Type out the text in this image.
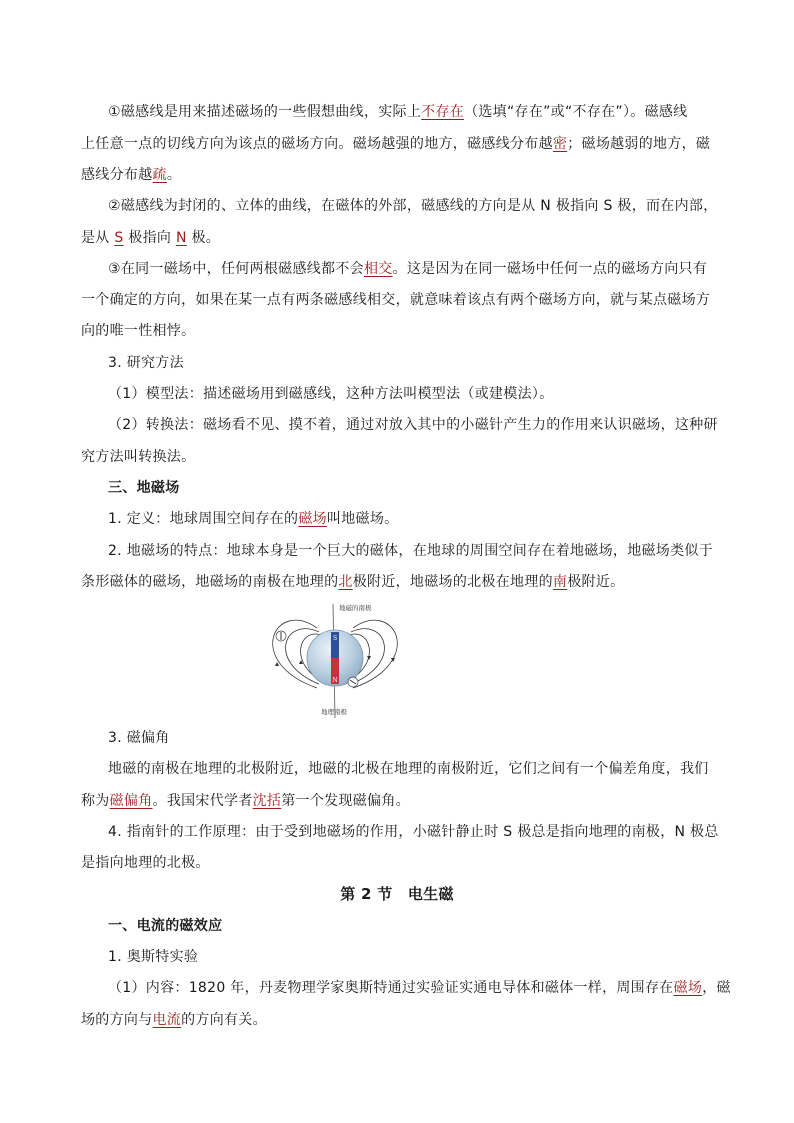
①磁感线是用来描述磁场的一些假想曲线，实际上不存在（选填“存在”或“不存在”）。磁感线
上任意一点的切线方向为该点的磁场方向。磁场越强的地方，磁感线分布越密；磁场越弱的地方，磁
感线分布越疏。
②磁感线为封闭的、立体的曲线，在磁体的外部，磁感线的方向是从 N 极指向 S 极，而在内部，
是从 S 极指向 N 极。
③在同一磁场中，任何两根磁感线都不会相交。这是因为在同一磁场中任何一点的磁场方向只有
一个确定的方向，如果在某一点有两条磁感线相交，就意味着该点有两个磁场方向，就与某点磁场方
向的唯一性相悖。
3. 研究方法
（1）模型法：描述磁场用到磁感线，这种方法叫模型法（或建模法）。
（2）转换法：磁场看不见、摸不着，通过对放入其中的小磁针产生力的作用来认识磁场，这种研
究方法叫转换法。
三、地磁场
1. 定义：地球周围空间存在的磁场叫地磁场。
2. 地磁场的特点：地球本身是一个巨大的磁体，在地球的周围空间存在着地磁场，地磁场类似于
条形磁体的磁场，地磁场的南极在地理的北极附近，地磁场的北极在地理的南极附近。
S
N
地磁的南极
地理南极
3. 磁偏角
地磁的南极在地理的北极附近，地磁的北极在地理的南极附近，它们之间有一个偏差角度，我们
称为磁偏角。我国宋代学者沈括第一个发现磁偏角。
4. 指南针的工作原理：由于受到地磁场的作用，小磁针静止时 S 极总是指向地理的南极，N 极总
是指向地理的北极。
第 2 节　电生磁
一、电流的磁效应
1. 奥斯特实验
（1）内容：1820 年，丹麦物理学家奥斯特通过实验证实通电导体和磁体一样，周围存在磁场，磁
场的方向与电流的方向有关。
